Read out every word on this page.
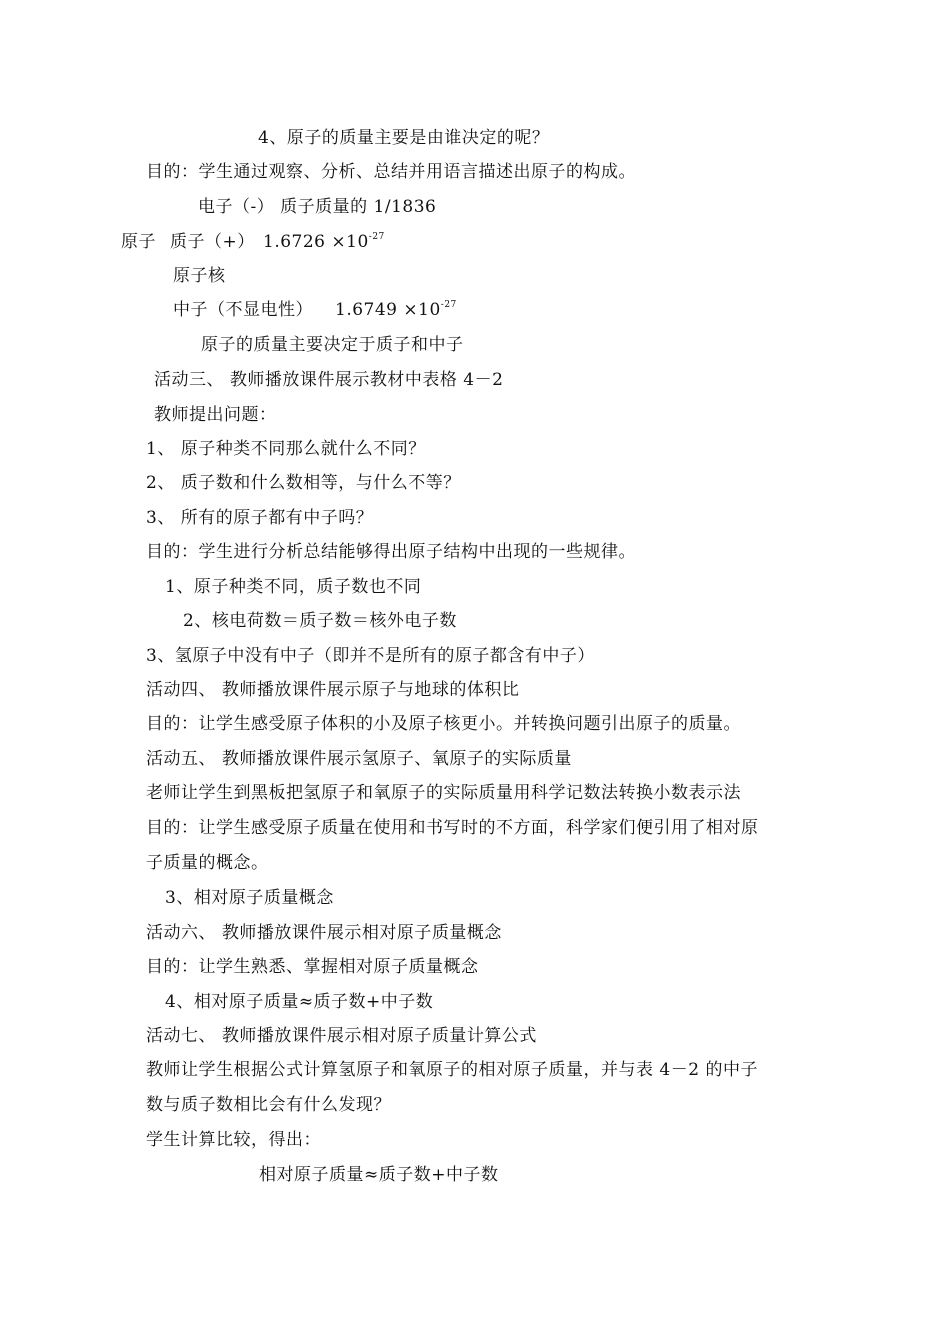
4、原子的质量主要是由谁决定的呢？
目的：学生通过观察、分析、总结并用语言描述出原子的构成。
电子（-） 质子质量的 1/1836
原子 质子（+） $1.6726 \times 10^{-27}$
原子核
中子（不显电性） $1.6749 \times 10^{-27}$
原子的质量主要决定于质子和中子
活动三、 教师播放课件展示教材中表格 4－2
教师提出问题：
1、 原子种类不同那么就什么不同？
2、 质子数和什么数相等，与什么不等？
3、 所有的原子都有中子吗？
目的：学生进行分析总结能够得出原子结构中出现的一些规律。
1、原子种类不同，质子数也不同
2、核电荷数＝质子数＝核外电子数
3、氢原子中没有中子（即并不是所有的原子都含有中子）
活动四、 教师播放课件展示原子与地球的体积比
目的：让学生感受原子体积的小及原子核更小。并转换问题引出原子的质量。
活动五、 教师播放课件展示氢原子、氧原子的实际质量
老师让学生到黑板把氢原子和氧原子的实际质量用科学记数法转换小数表示法
目的：让学生感受原子质量在使用和书写时的不方面，科学家们便引用了相对原
子质量的概念。
3、相对原子质量概念
活动六、 教师播放课件展示相对原子质量概念
目的：让学生熟悉、掌握相对原子质量概念
4、相对原子质量≈质子数+中子数
活动七、 教师播放课件展示相对原子质量计算公式
教师让学生根据公式计算氢原子和氧原子的相对原子质量，并与表 4－2 的中子
数与质子数相比会有什么发现？
学生计算比较，得出：
相对原子质量≈质子数+中子数
